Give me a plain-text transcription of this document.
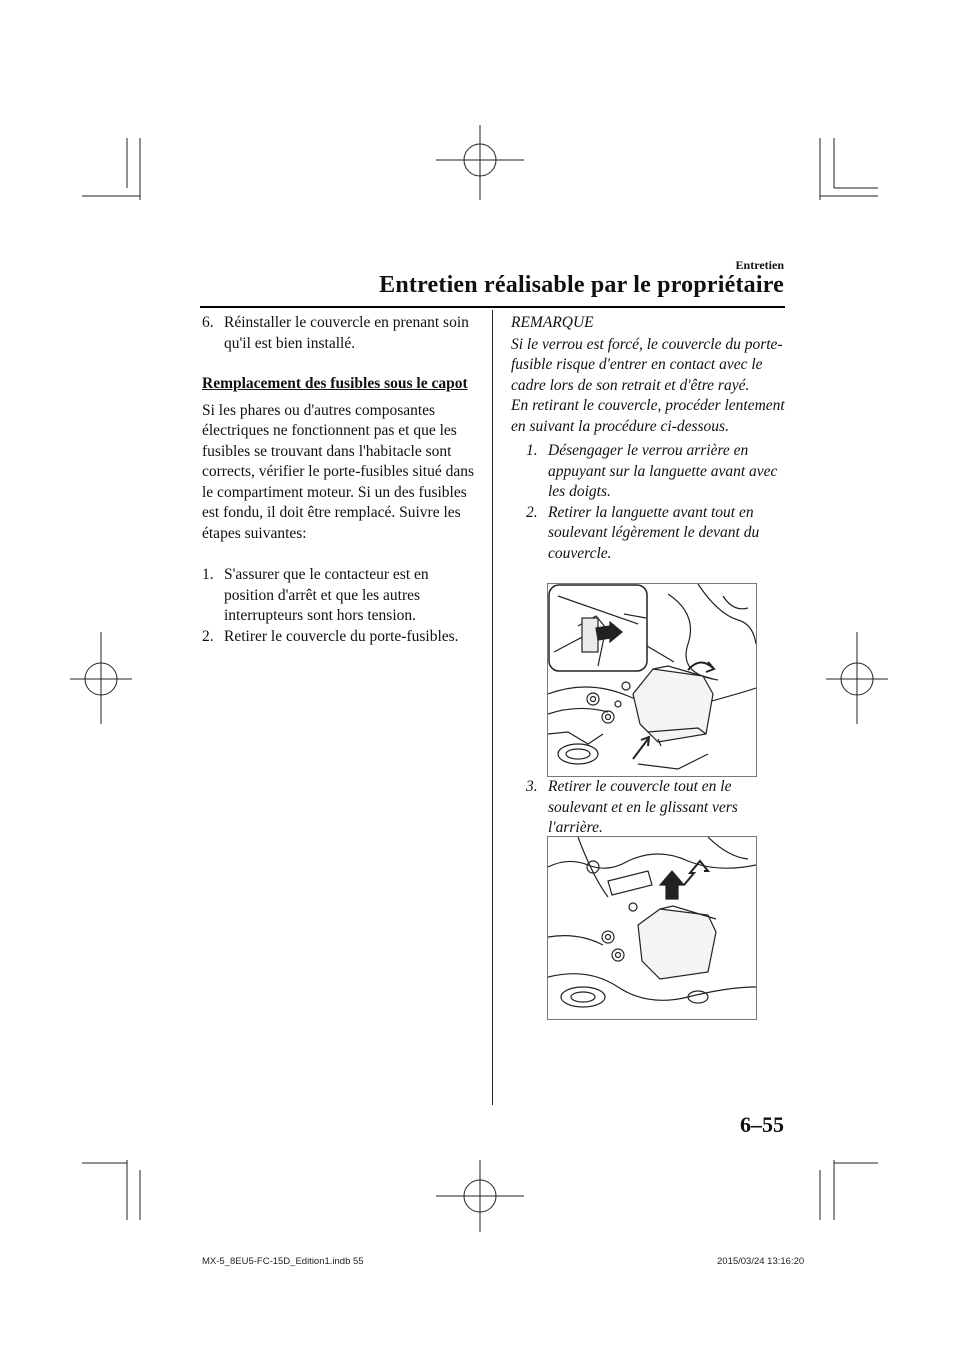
Entretien
Entretien réalisable par le propriétaire
6. Réinstaller le couvercle en prenant soin qu'il est bien installé.

Remplacement des fusibles sous le capot

Si les phares ou d'autres composantes électriques ne fonctionnent pas et que les fusibles se trouvant dans l'habitacle sont corrects, vérifier le porte-fusibles situé dans le compartiment moteur. Si un des fusibles est fondu, il doit être remplacé. Suivre les étapes suivantes:

1. S'assurer que le contacteur est en position d'arrêt et que les autres interrupteurs sont hors tension.
2. Retirer le couvercle du porte-fusibles.

REMARQUE

Si le verrou est forcé, le couvercle du porte-fusible risque d'entrer en contact avec le cadre lors de son retrait et d'être rayé.

En retirant le couvercle, procéder lentement en suivant la procédure ci-dessous.

1. Désengager le verrou arrière en appuyant sur la languette avant avec les doigts.
2. Retirer la languette avant tout en soulevant légèrement le devant du couvercle.
3. Retirer le couvercle tout en le soulevant et en le glissant vers l'arrière.
6–55
MX-5_8EU5-FC-15D_Edition1.indb 55	2015/03/24 13:16:20
